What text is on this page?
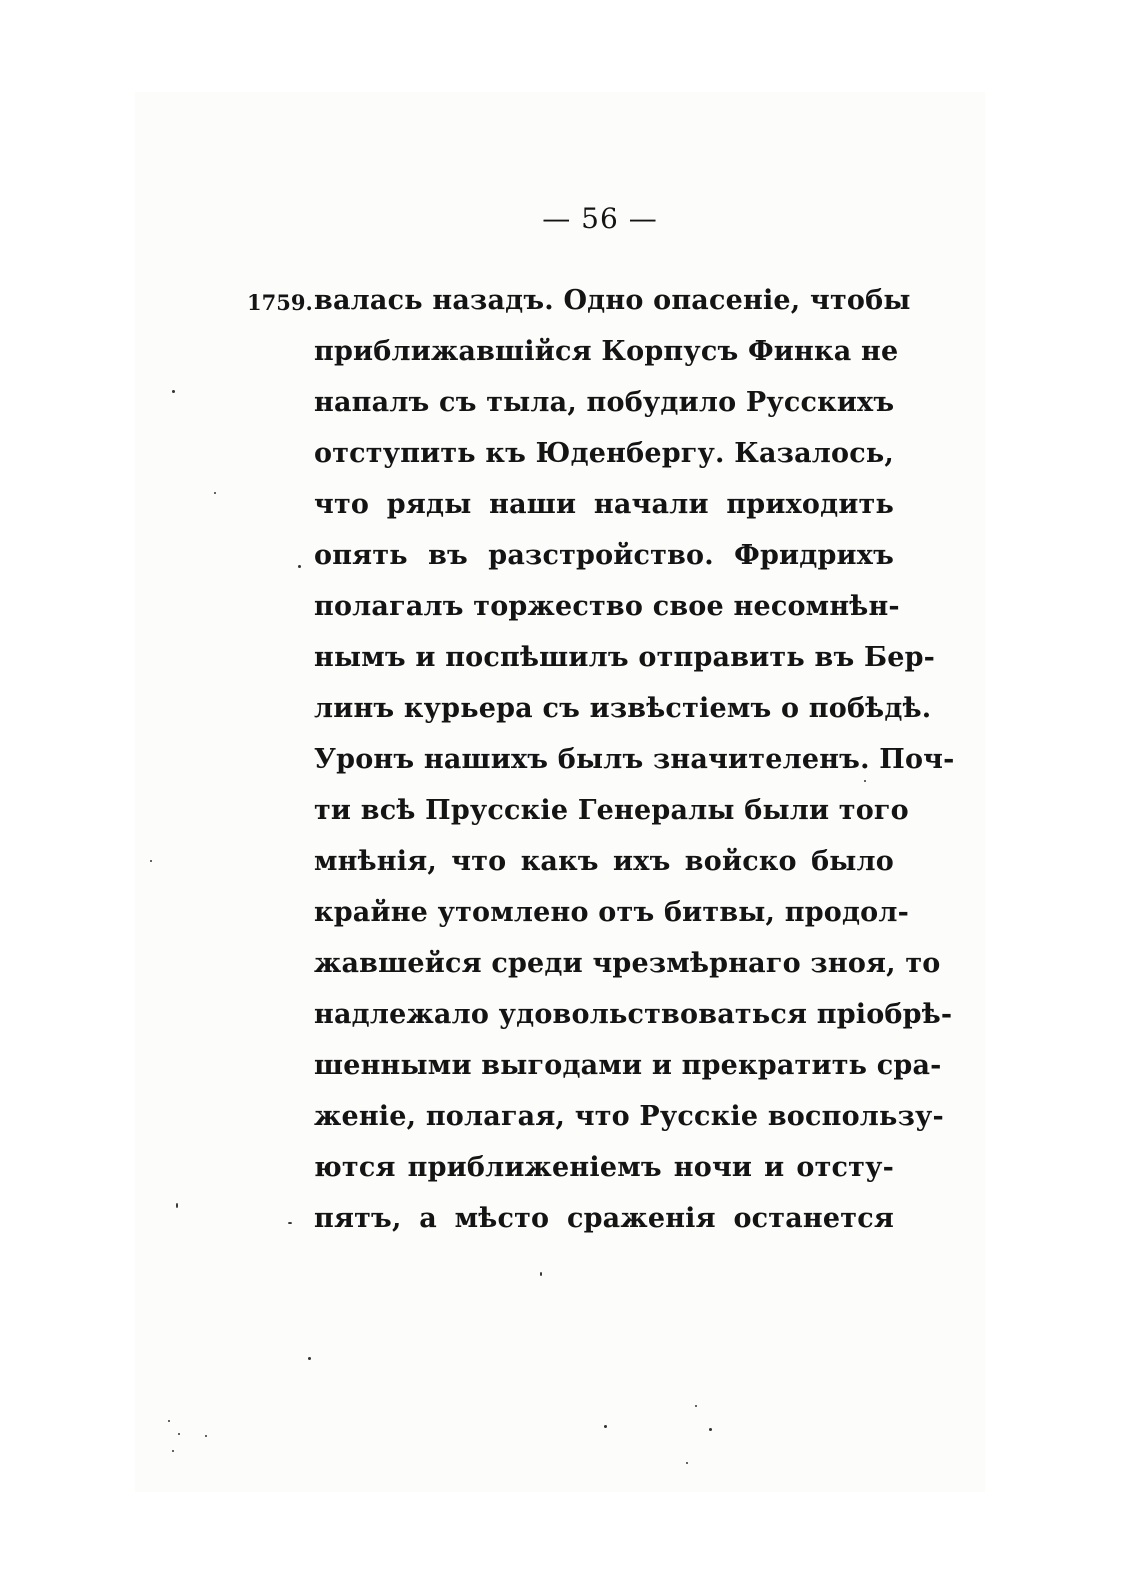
— 56 —
1759. валась назадъ. Одно опасеніе, чтобы
приближавшійся Корпусъ Финка не
напалъ съ тыла, побудило Русскихъ
отступить къ Юденбергу. Казалось,
что ряды наши начали приходить
опять въ разстройство. Фридрихъ
полагалъ торжество свое несомнѣн-
нымъ и поспѣшилъ отправить въ Бер-
линъ курьера съ извѣстіемъ о побѣдѣ.
Уронъ нашихъ былъ значителенъ. Поч-
ти всѣ Прусскіе Генералы были того
мнѣнія, что какъ ихъ войско было
крайне утомлено отъ битвы, продол-
жавшейся среди чрезмѣрнаго зноя, то
надлежало удовольствоваться пріобрѣ-
шенными выгодами и прекратить сра-
женіе, полагая, что Русскіе воспользу-
ются приближеніемъ ночи и отсту-
пятъ, а мѣсто сраженія останется
